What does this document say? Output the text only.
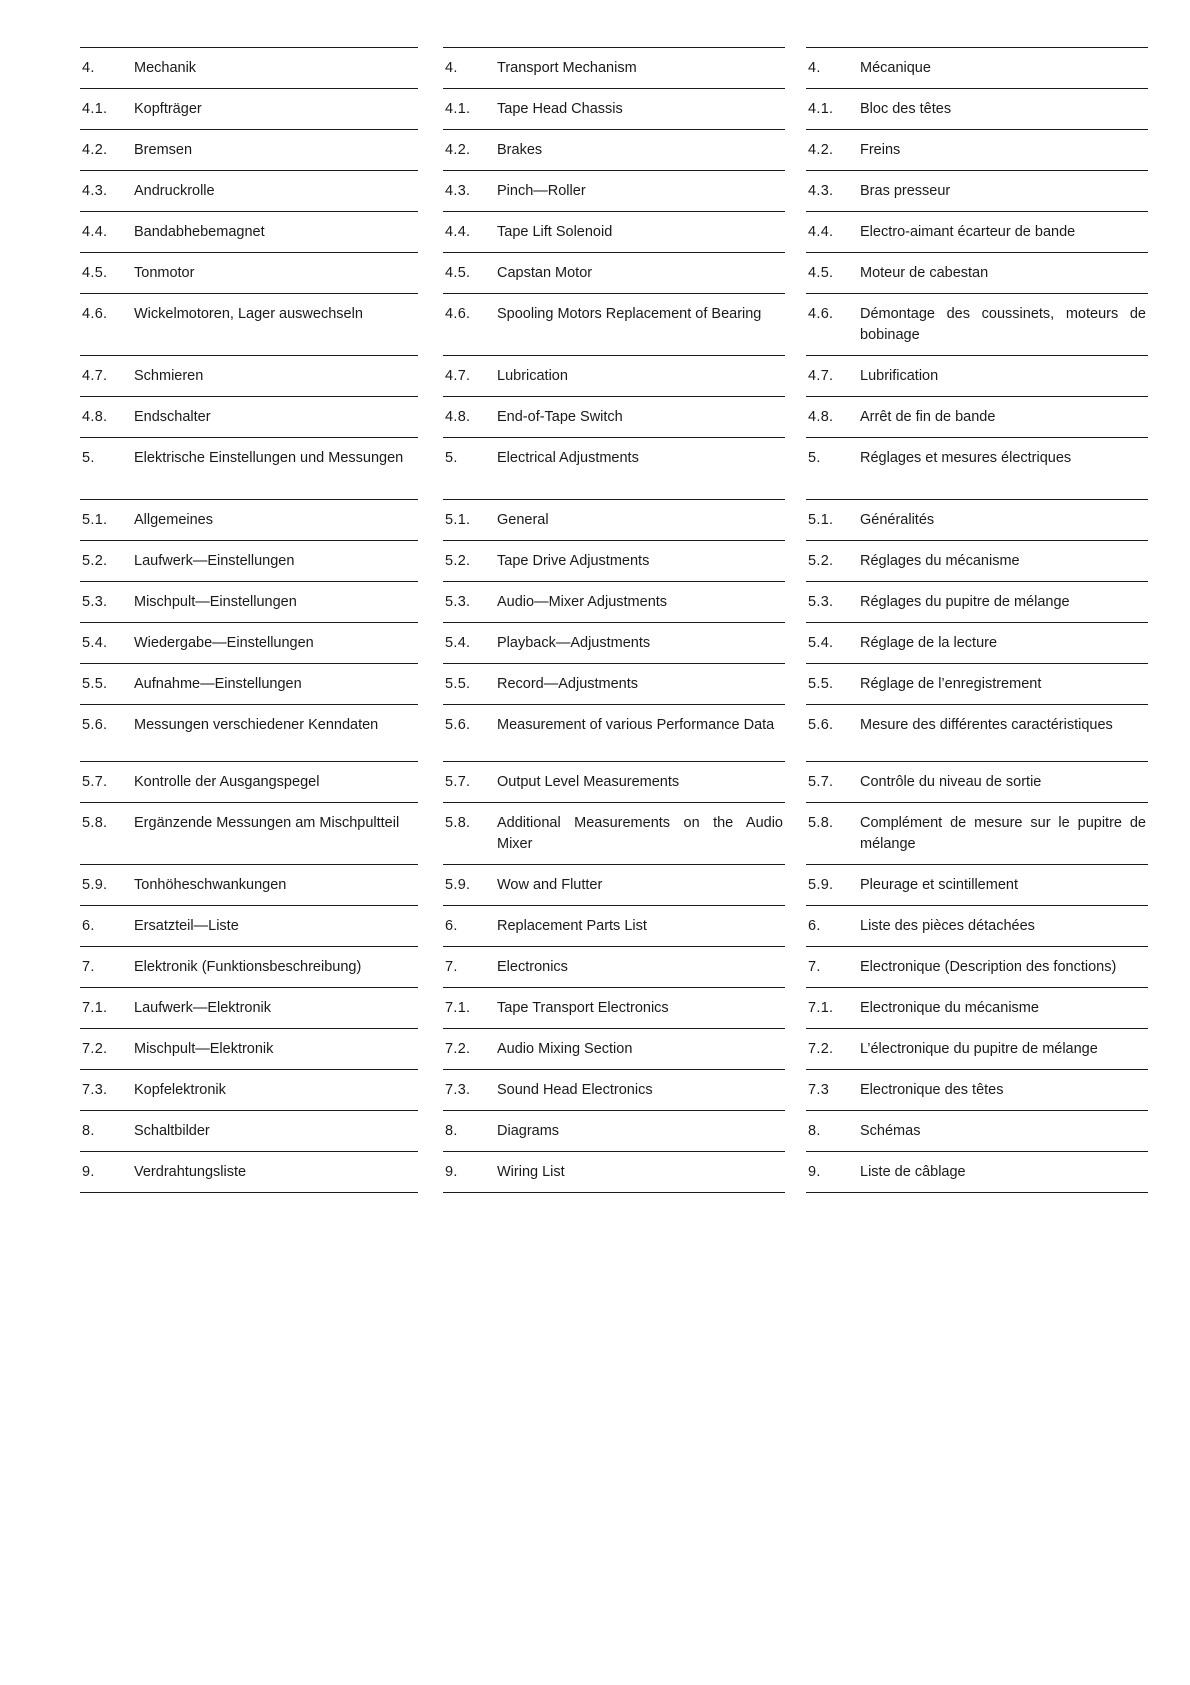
4.	Mechanik
4.1.	Kopfträger
4.2.	Bremsen
4.3.	Andruckrolle
4.4.	Bandabhebemagnet
4.5.	Tonmotor
4.6.	Wickelmotoren, Lager auswechseln
4.7.	Schmieren
4.8.	Endschalter
5.	Elektrische Einstellungen und Messungen
5.1.	Allgemeines
5.2.	Laufwerk—Einstellungen
5.3.	Mischpult—Einstellungen
5.4.	Wiedergabe—Einstellungen
5.5.	Aufnahme—Einstellungen
5.6.	Messungen verschiedener Kenndaten
5.7.	Kontrolle der Ausgangspegel
5.8.	Ergänzende Messungen am Mischpultteil
5.9.	Tonhöheschwankungen
6.	Ersatzteil—Liste
7.	Elektronik (Funktionsbeschreibung)
7.1.	Laufwerk—Elektronik
7.2.	Mischpult—Elektronik
7.3.	Kopfelektronik
8.	Schaltbilder
9.	Verdrahtungsliste
4.	Transport Mechanism
4.1.	Tape Head Chassis
4.2.	Brakes
4.3.	Pinch—Roller
4.4.	Tape Lift Solenoid
4.5.	Capstan Motor
4.6.	Spooling Motors Replacement of Bearing
4.7.	Lubrication
4.8.	End-of-Tape Switch
5.	Electrical Adjustments
5.1.	General
5.2.	Tape Drive Adjustments
5.3.	Audio—Mixer Adjustments
5.4.	Playback—Adjustments
5.5.	Record—Adjustments
5.6.	Measurement of various Performance Data
5.7.	Output Level Measurements
5.8.	Additional Measurements on the Audio Mixer
5.9.	Wow and Flutter
6.	Replacement Parts List
7.	Electronics
7.1.	Tape Transport Electronics
7.2.	Audio Mixing Section
7.3.	Sound Head Electronics
8.	Diagrams
9.	Wiring List
4.	Mécanique
4.1.	Bloc des têtes
4.2.	Freins
4.3.	Bras presseur
4.4.	Electro-aimant écarteur de bande
4.5.	Moteur de cabestan
4.6.	Démontage des coussinets, moteurs de bobinage
4.7.	Lubrification
4.8.	Arrêt de fin de bande
5.	Réglages et mesures électriques
5.1.	Généralités
5.2.	Réglages du mécanisme
5.3.	Réglages du pupitre de mélange
5.4.	Réglage de la lecture
5.5.	Réglage de l’enregistrement
5.6.	Mesure des différentes caractéristiques
5.7.	Contrôle du niveau de sortie
5.8.	Complément de mesure sur le pupitre de mélange
5.9.	Pleurage et scintillement
6.	Liste des pièces détachées
7.	Electronique (Description des fonctions)
7.1.	Electronique du mécanisme
7.2.	L’électronique du pupitre de mélange
7.3	Electronique des têtes
8.	Schémas
9.	Liste de câblage
